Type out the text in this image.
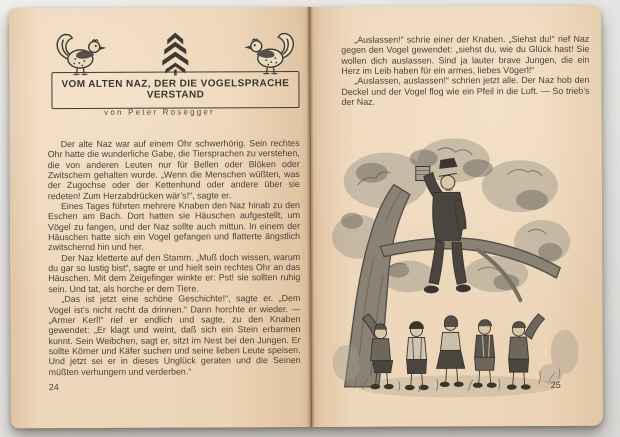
VOM ALTEN NAZ, DER DIE VOGELSPRACHE VERSTAND
von Peter Rosegger

Der alte Naz war auf einem Ohr schwerhörig. Sein rechtes Ohr hatte die wunderliche Gabe, die Tiersprachen zu verstehen, die von anderen Leuten nur für Bellen oder Blöken oder Zwitschern gehalten wurde. „Wenn die Menschen wüßten, was der Zugochse oder der Kettenhund oder andere über sie redeten! Zum Herzabdrücken wär’s!“, sagte er.

Eines Tages führten mehrere Knaben den Naz hinab zu den Eschen am Bach. Dort hatten sie Häuschen aufgestellt, um Vögel zu fangen, und der Naz sollte auch mittun. In einem der Häuschen hatte sich ein Vogel gefangen und flatterte ängstlich zwitschernd hin und her.

Der Naz kletterte auf den Stamm. „Muß doch wissen, warum du gar so lustig bist“, sagte er und hielt sein rechtes Ohr an das Häuschen. Mit dem Zeigefinger winkte er: Pst! sie sollten ruhig sein. Und tat, als horche er dem Tiere.

„Das ist jetzt eine schöne Geschichte!“, sagte er. „Dem Vogel ist’s nicht recht da drinnen.“ Dann horchte er wieder. — „Armer Kerl!“ rief er endlich und sagte, zu den Knaben gewendet: „Er klagt und weint, daß sich ein Stein erbarmen kunnt. Sein Weibchen, sagt er, sitzt im Nest bei den Jungen. Er sollte Körner und Käfer suchen und seine lieben Leute speisen. Und jetzt sei er in dieses Unglück geraten und die Seinen müßten verhungern und verderben.“

24

„Auslassen!“ schrie einer der Knaben. „Siehst du!“ rief Naz gegen den Vogel gewendet: „siehst du, wie du Glück hast! Sie wollen dich auslassen. Sind ja lauter brave Jungen, die ein Herz im Leib haben für ein armes, liebes Vögerl!“

„Auslassen, auslassen!“ schrien jetzt alle. Der Naz hob den Deckel und der Vogel flog wie ein Pfeil in die Luft. — So trieb’s der Naz.

25
